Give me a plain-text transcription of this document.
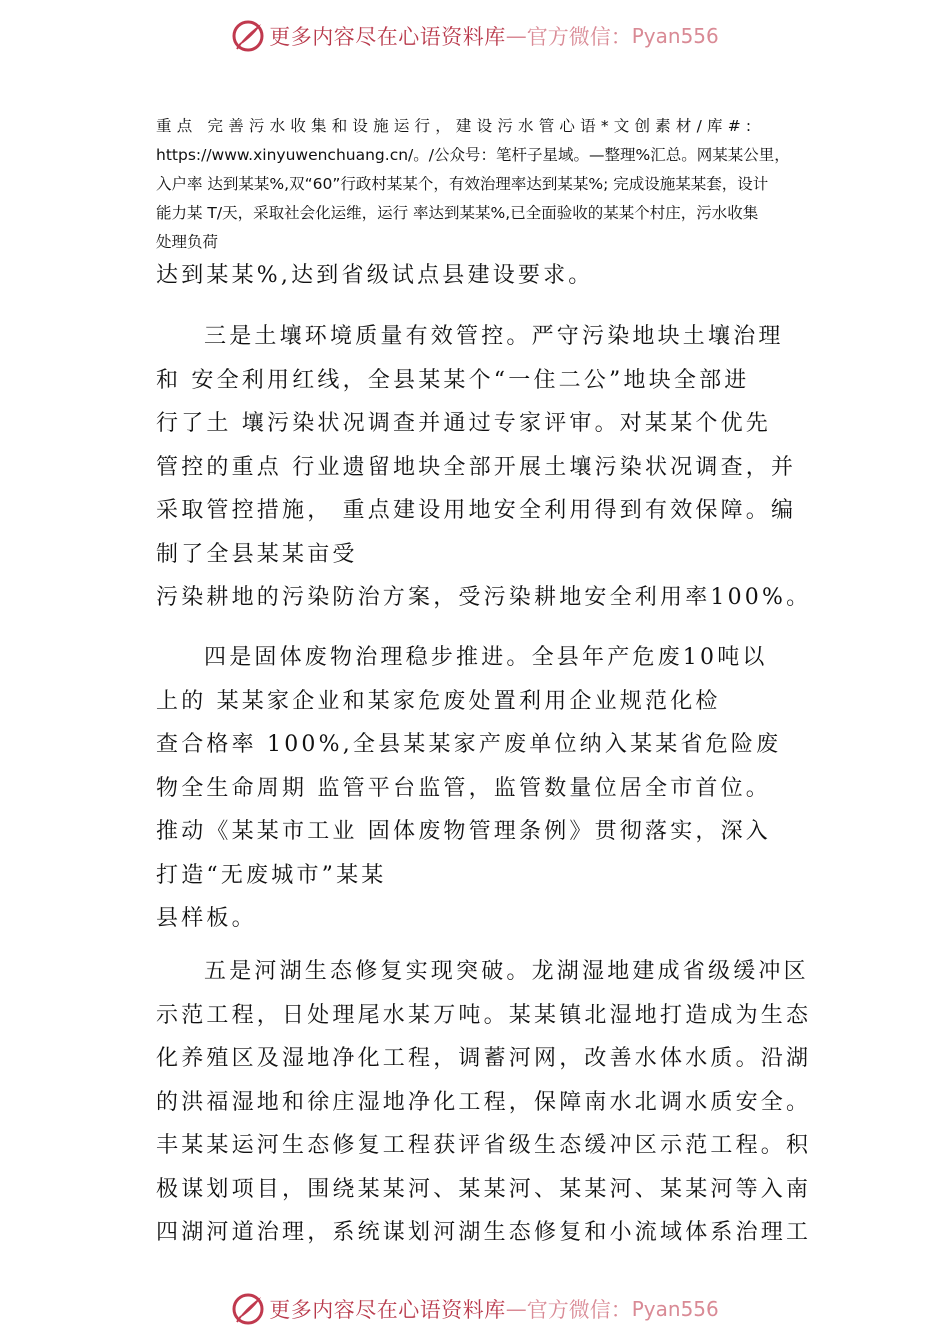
更多内容尽在心语资料库 — 官方微信： Pyan556
重点 完善污水收集和设施运行，建设污水管心语*文创素材/库#:
https://www.xinyuwenchuang.cn/。/公众号：笔杆子星域。—整理%汇总。网某某公里，
入户率 达到某某%,双“60”行政村某某个，有效治理率达到某某%; 完成设施某某套，设计
能力某 T/天，采取社会化运维，运行 率达到某某%,已全面验收的某某个村庄，污水收集
处理负荷
达到某某%,达到省级试点县建设要求。
三是土壤环境质量有效管控。严守污染地块土壤治理
和 安全利用红线，全县某某个“一住二公”地块全部进
行了土 壤污染状况调查并通过专家评审。对某某个优先
管控的重点 行业遗留地块全部开展土壤污染状况调查，并
采取管控措施， 重点建设用地安全利用得到有效保障。编
制了全县某某亩受
污染耕地的污染防治方案，受污染耕地安全利用率100%。
四是固体废物治理稳步推进。全县年产危废10吨以
上的 某某家企业和某家危废处置利用企业规范化检
查合格率 100%,全县某某家产废单位纳入某某省危险废
物全生命周期 监管平台监管，监管数量位居全市首位。
推动《某某市工业 固体废物管理条例》贯彻落实，深入
打造“无废城市”某某
县样板。
五是河湖生态修复实现突破。龙湖湿地建成省级缓冲区
示范工程，日处理尾水某万吨。某某镇北湿地打造成为生态
化养殖区及湿地净化工程，调蓄河网，改善水体水质。沿湖
的洪福湿地和徐庄湿地净化工程，保障南水北调水质安全。
丰某某运河生态修复工程获评省级生态缓冲区示范工程。积
极谋划项目，围绕某某河、某某河、某某河、某某河等入南
四湖河道治理，系统谋划河湖生态修复和小流域体系治理工
更多内容尽在心语资料库 — 官方微信： Pyan556
